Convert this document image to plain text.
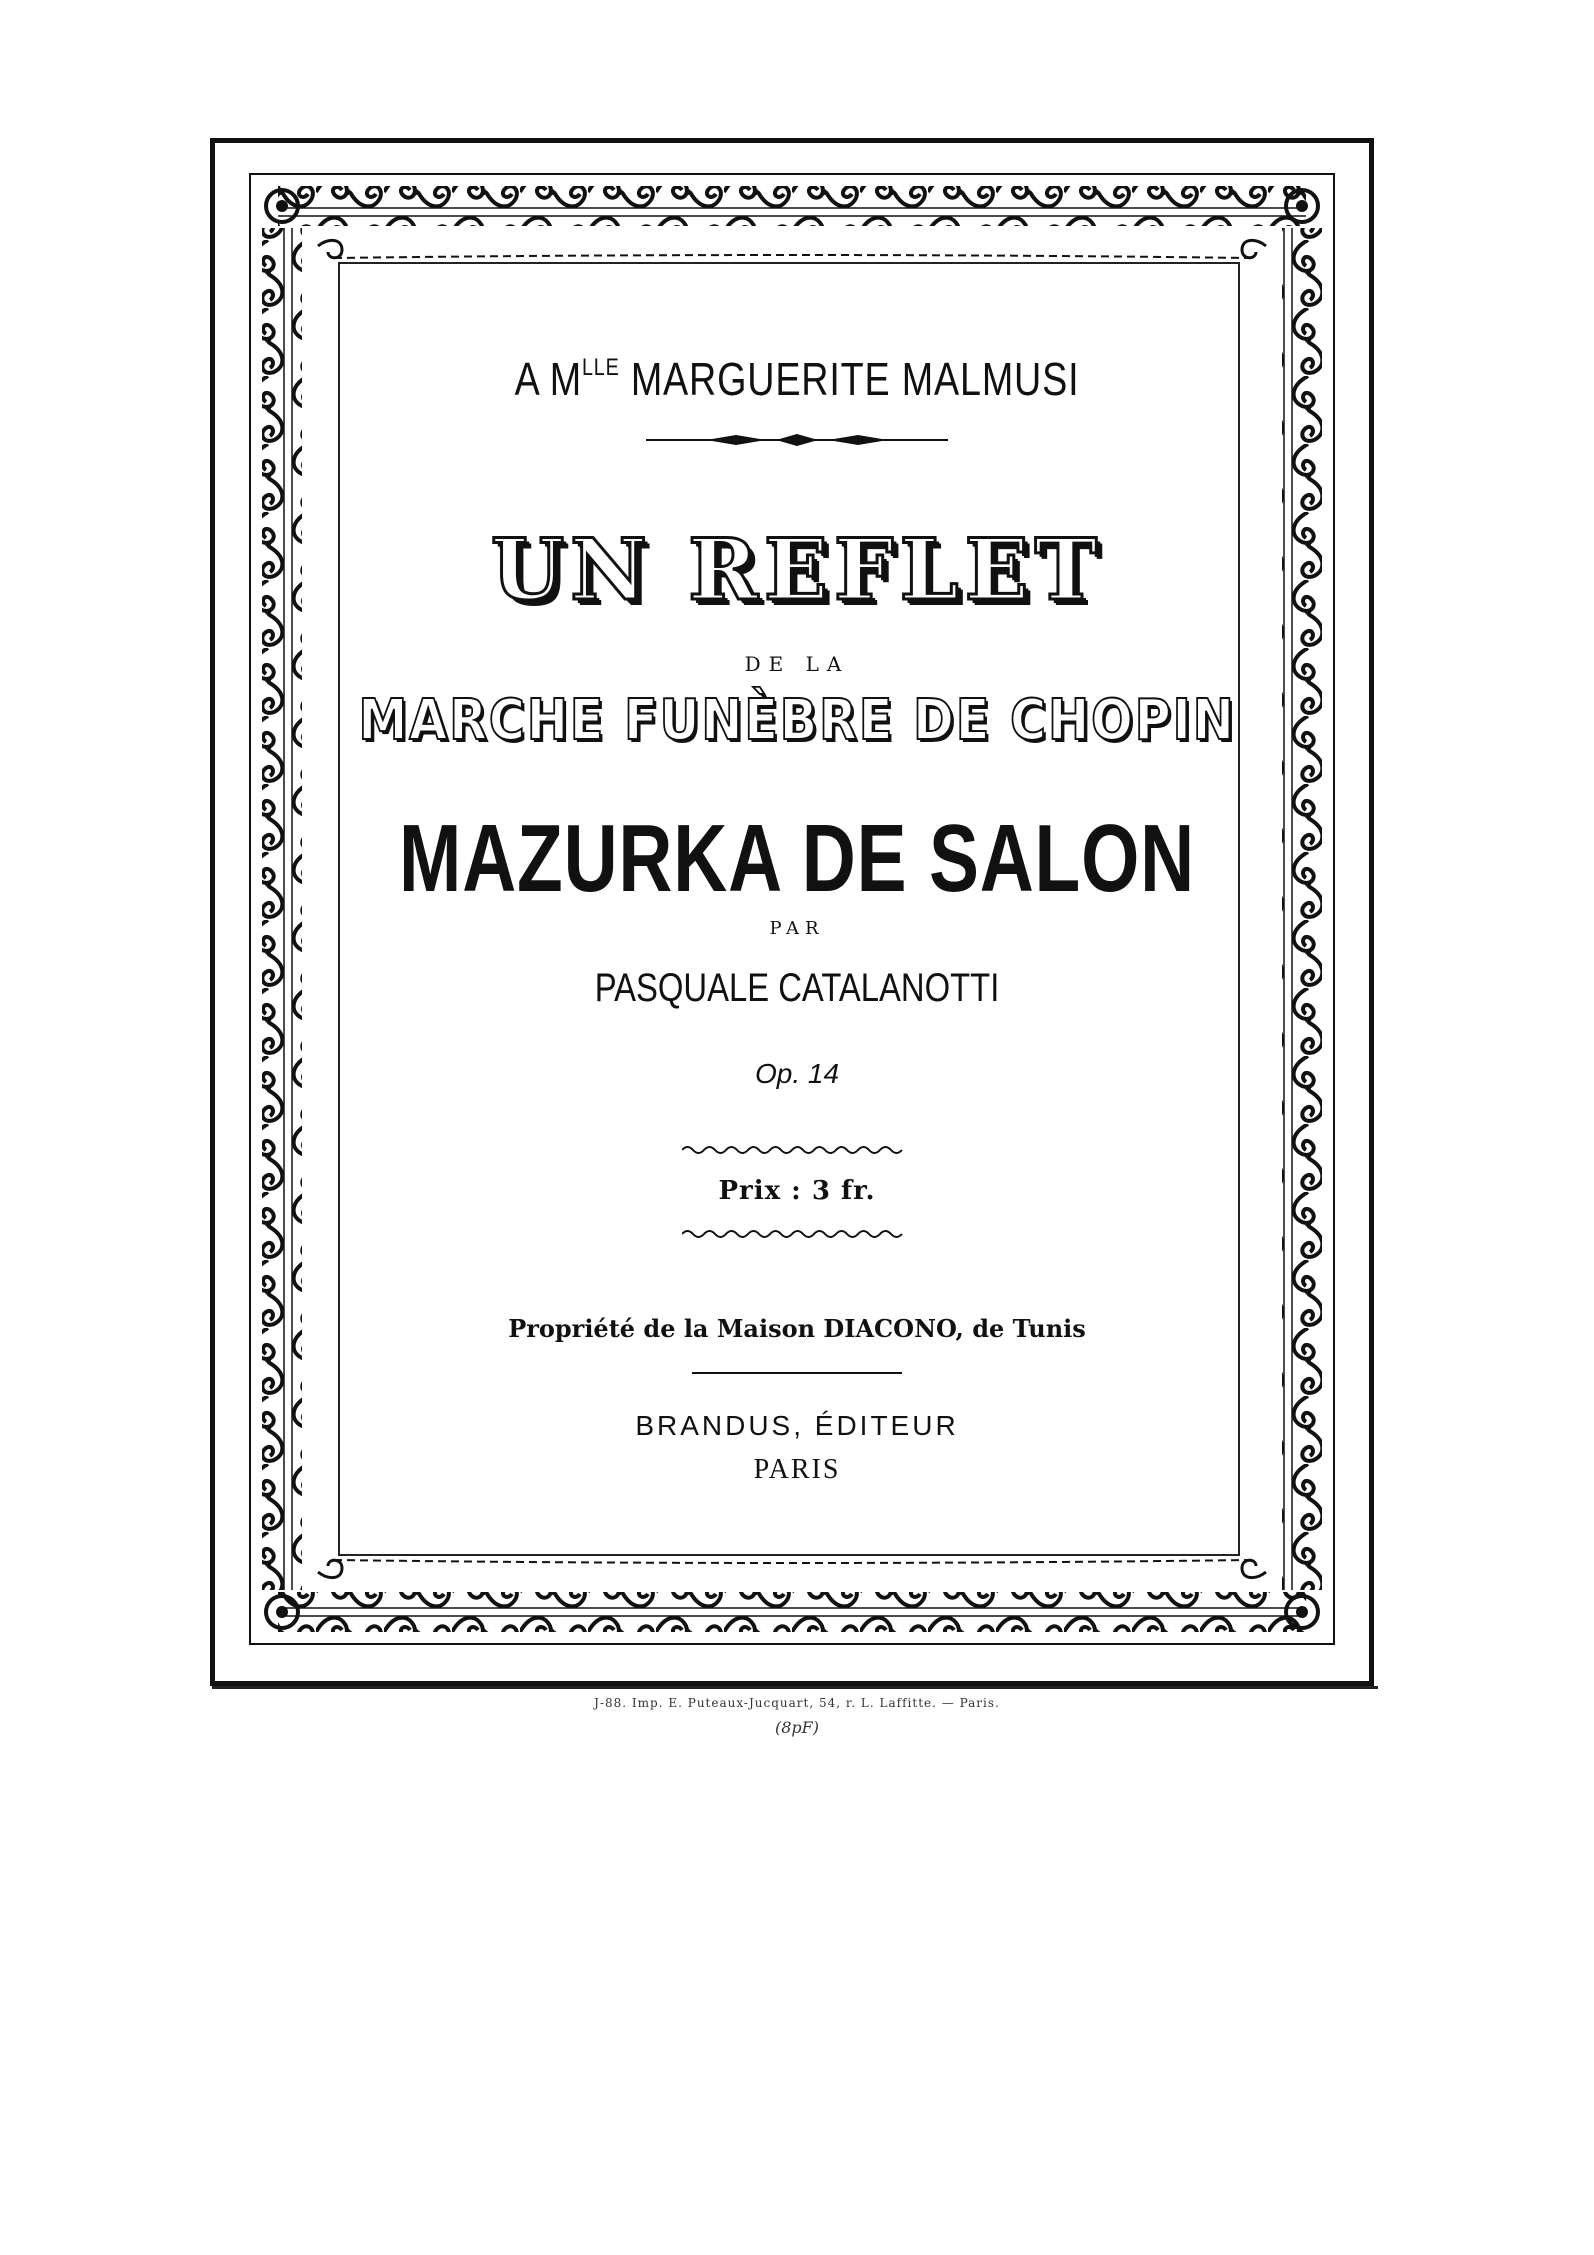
A $M^{LLE}$ MARGUERITE MALMUSI
UN REFLET
DE LA
MARCHE FUNÈBRE DE CHOPIN
MAZURKA DE SALON
PAR
PASQUALE CATALANOTTI
Op. 14
Prix : 3 fr.
Propriété de la Maison DIACONO, de Tunis
BRANDUS, ÉDITEUR
PARIS
J-88. Imp. E. Puteaux-Jucquart, 54, r. L. Laffitte. — Paris.
(8pF)
